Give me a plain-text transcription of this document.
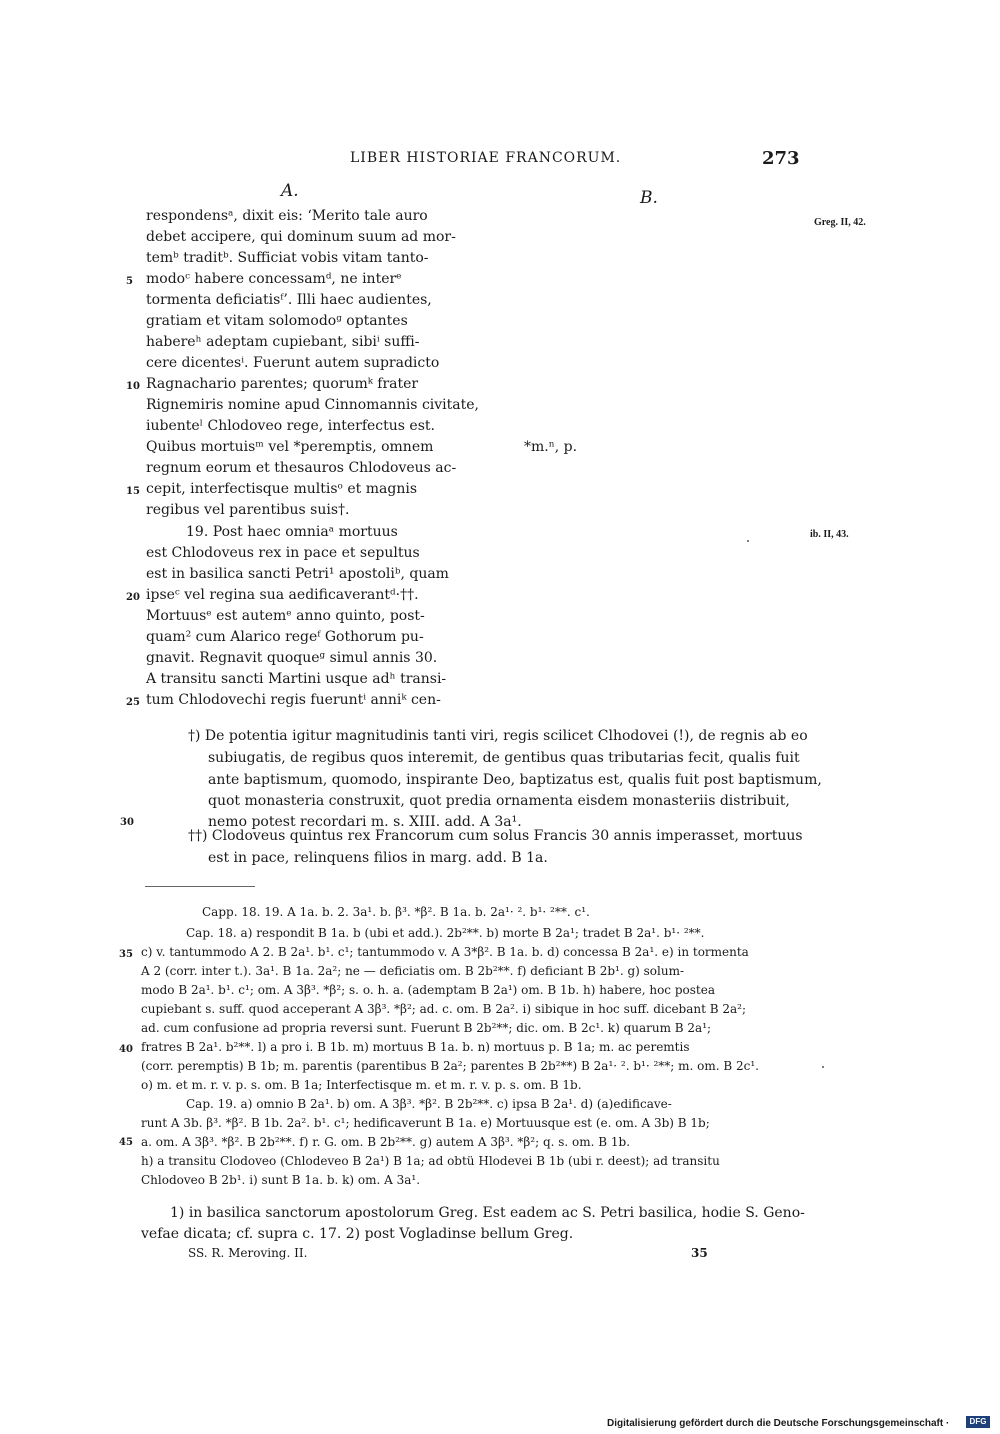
LIBER HISTORIAE FRANCORUM.	273
A.	B.
Greg. II, 42.
ib. II, 43.
respondensᵃ, dixit eis: ‘Merito tale auro
debet accipere, qui dominum suum ad mor-
temᵇ traditᵇ. Sufficiat vobis vitam tanto-
modoᶜ habere concessamᵈ, ne interᵉ
tormenta deficiatisᶠ’. Illi haec audientes,
gratiam et vitam solomodoᵍ optantes
habereʰ adeptam cupiebant, sibiⁱ suffi-
cere dicentesⁱ. Fuerunt autem supradicto
Ragnachario parentes; quorumᵏ frater
Rignemiris nomine apud Cinnomannis civitate,
iubenteˡ Chlodoveo rege, interfectus est.
Quibus mortuisᵐ vel *peremptis, omnem
regnum eorum et thesauros Chlodoveus ac-
cepit, interfectisque multisᵒ et magnis
regibus vel parentibus suis†.
19. Post haec omniaᵃ mortuus
est Chlodoveus rex in pace et sepultus
est in basilica sancti Petri¹ apostoliᵇ, quam
ipseᶜ vel regina sua aedificaverantᵈ·††.
Mortuusᵉ est autemᵉ anno quinto, post-
quam² cum Alarico regeᶠ Gothorum pu-
gnavit. Regnavit quoqueᵍ simul annis 30.
A transitu sancti Martini usque adʰ transi-
tum Chlodovechi regis fueruntⁱ anniᵏ cen-
*m.ⁿ, p.
5
10
15
20
25
30
35
40
45
†) De potentia igitur magnitudinis tanti viri, regis scilicet Clhodovei (!), de regnis ab eo
subiugatis, de regibus quos interemit, de gentibus quas tributarias fecit, qualis fuit
ante baptismum, quomodo, inspirante Deo, baptizatus est, qualis fuit post baptismum,
quot monasteria construxit, quot predia ornamenta eisdem monasteriis distribuit,
nemo potest recordari m. s. XIII. add. A 3a¹.
††) Clodoveus quintus rex Francorum cum solus Francis 30 annis imperasset, mortuus
est in pace, relinquens filios in marg. add. B 1a.
Capp. 18. 19. A 1a. b. 2. 3a¹. b. β³. *β². B 1a. b. 2a¹· ². b¹· ²**. c¹.
Cap. 18. a) respondit B 1a. b (ubi et add.). 2b²**. b) morte B 2a¹; tradet B 2a¹. b¹· ²**.
c) v. tantummodo A 2. B 2a¹. b¹. c¹; tantummodo v. A 3*β². B 1a. b. d) concessa B 2a¹. e) in tormenta
A 2 (corr. inter t.). 3a¹. B 1a. 2a²; ne — deficiatis om. B 2b²**. f) deficiant B 2b¹. g) solum-
modo B 2a¹. b¹. c¹; om. A 3β³. *β²; s. o. h. a. (ademptam B 2a¹) om. B 1b. h) habere, hoc postea
cupiebant s. suff. quod acceperant A 3β³. *β²; ad. c. om. B 2a². i) sibique in hoc suff. dicebant B 2a²;
ad. cum confusione ad propria reversi sunt. Fuerunt B 2b²**; dic. om. B 2c¹. k) quarum B 2a¹;
fratres B 2a¹. b²**. l) a pro i. B 1b. m) mortuus B 1a. b. n) mortuus p. B 1a; m. ac peremtis
(corr. peremptis) B 1b; m. parentis (parentibus B 2a²; parentes B 2b²**) B 2a¹· ². b¹· ²**; m. om. B 2c¹.
o) m. et m. r. v. p. s. om. B 1a; Interfectisque m. et m. r. v. p. s. om. B 1b.
Cap. 19. a) omnio B 2a¹. b) om. A 3β³. *β². B 2b²**. c) ipsa B 2a¹. d) (a)edificave-
runt A 3b. β³. *β². B 1b. 2a². b¹. c¹; hedificaverunt B 1a. e) Mortuusque est (e. om. A 3b) B 1b;
a. om. A 3β³. *β². B 2b²**. f) r. G. om. B 2b²**. g) autem A 3β³. *β²; q. s. om. B 1b.
h) a transitu Clodoveo (Chlodeveo B 2a¹) B 1a; ad obtü Hlodevei B 1b (ubi r. deest); ad transitu
Chlodoveo B 2b¹. i) sunt B 1a. b. k) om. A 3a¹.
1) in basilica sanctorum apostolorum Greg. Est eadem ac S. Petri basilica, hodie S. Geno-
vefae dicata; cf. supra c. 17. 2) post Vogladinse bellum Greg.
SS. R. Meroving. II.	35
Digitalisierung gefördert durch die Deutsche Forschungsgemeinschaft ·	DFG
